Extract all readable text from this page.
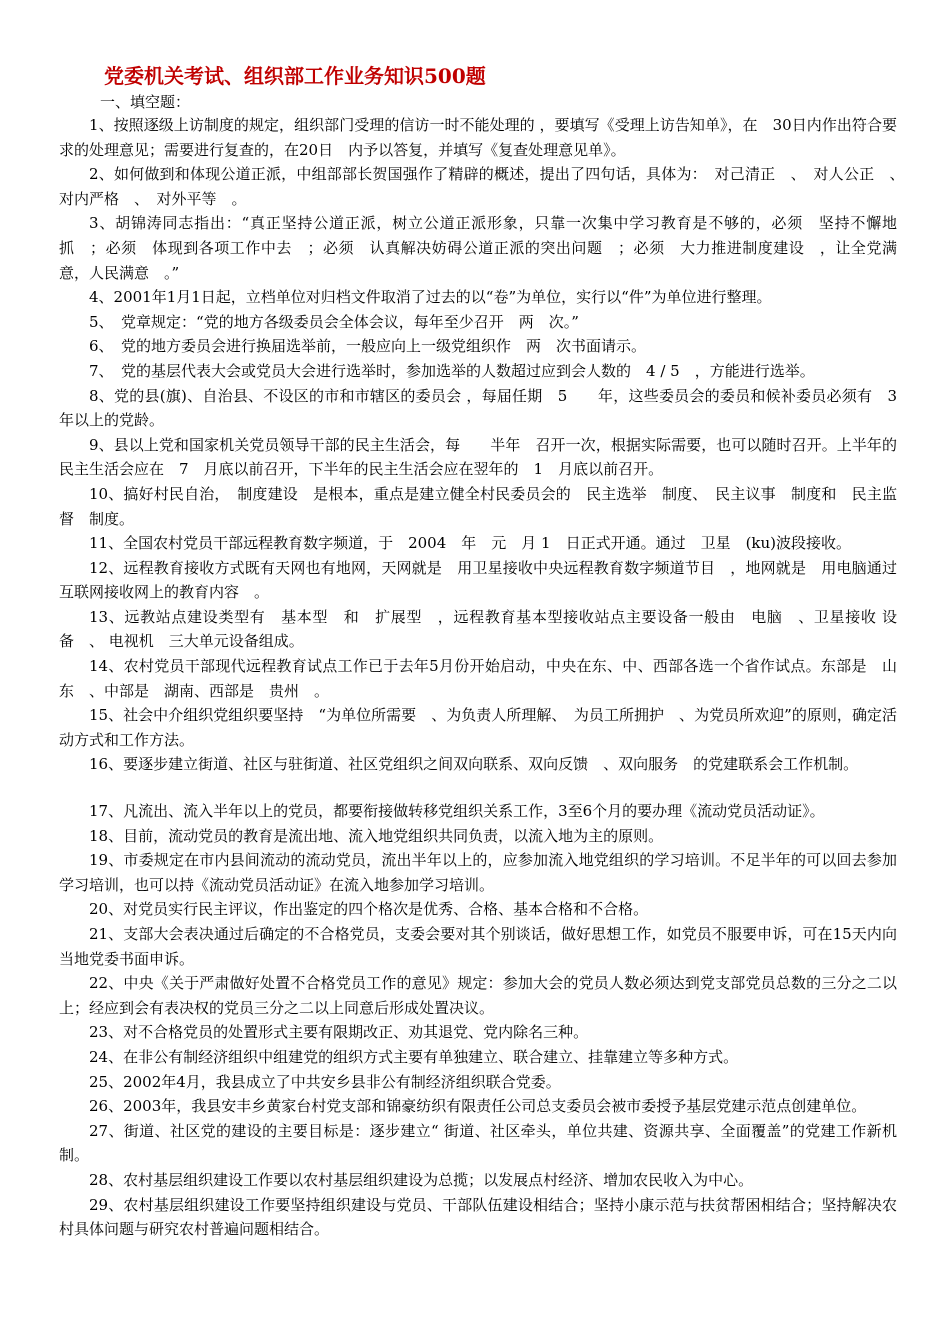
党委机关考试、组织部工作业务知识500题
一、填空题：

1、按照逐级上访制度的规定，组织部门受理的信访一时不能处理的 ，要填写《受理上访告知单》，在　30日内作出符合要求的处理意见；需要进行复查的，在20日　内予以答复，并填写《复查处理意见单》。

2、如何做到和体现公道正派，中组部部长贺国强作了精辟的概述，提出了四句话，具体为：　对己清正　、　对人公正　、　对内严格　、　对外平等　。

3、胡锦涛同志指出：“真正坚持公道正派，树立公道正派形象，只靠一次集中学习教育是不够的，必须　坚持不懈地抓　；必须　体现到各项工作中去　；必须　认真解决妨碍公道正派的突出问题　；必须　大力推进制度建设　，让全党满意，人民满意　。”

4、2001年1月1日起，立档单位对归档文件取消了过去的以“卷”为单位，实行以“件”为单位进行整理。

5、　党章规定：“党的地方各级委员会全体会议，每年至少召开　两　次。”

6、　党的地方委员会进行换届选举前，一般应向上一级党组织作　两　次书面请示。

7、　党的基层代表大会或党员大会进行选举时，参加选举的人数超过应到会人数的　4 / 5　，方能进行选举。

8、党的县(旗)、自治县、不设区的市和市辖区的委员会 ，每届任期　5　　年，这些委员会的委员和候补委员必须有　3　年以上的党龄。

9、县以上党和国家机关党员领导干部的民主生活会，每　　半年　召开一次，根据实际需要，也可以随时召开。上半年的民主生活会应在　7　月底以前召开，下半年的民主生活会应在翌年的　1　月底以前召开。

10、搞好村民自治，　制度建设　是根本，重点是建立健全村民委员会的　民主选举　制度、　民主议事　制度和　民主监督　制度。

11、全国农村党员干部远程教育数字频道，于　2004　年　元　月 1　日正式开通。通过　卫星　(ku)波段接收。

12、远程教育接收方式既有天网也有地网，天网就是　用卫星接收中央远程教育数字频道节目　，地网就是　用电脑通过互联网接收网上的教育内容　。

13、远教站点建设类型有　基本型　和　扩展型　，远程教育基本型接收站点主要设备一般由　电脑　、卫星接收 设 备　、 电视机　三大单元设备组成。

14、农村党员干部现代远程教育试点工作已于去年5月份开始启动，中央在东、中、西部各选一个省作试点。东部是　山东　、中部是　湖南、西部是　贵州　。

15、社会中介组织党组织要坚持　“为单位所需要　、为负责人所理解、　为员工所拥护　、为党员所欢迎”的原则，确定活动方式和工作方法。

16、要逐步建立街道、社区与驻街道、社区党组织之间双向联系、双向反馈　、双向服务　的党建联系会工作机制。

17、凡流出、流入半年以上的党员，都要衔接做转移党组织关系工作，3至6个月的要办理《流动党员活动证》。

18、目前，流动党员的教育是流出地、流入地党组织共同负责，以流入地为主的原则。

19、市委规定在市内县间流动的流动党员，流出半年以上的，应参加流入地党组织的学习培训。不足半年的可以回去参加学习培训，也可以持《流动党员活动证》在流入地参加学习培训。

20、对党员实行民主评议，作出鉴定的四个格次是优秀、合格、基本合格和不合格。

21、支部大会表决通过后确定的不合格党员，支委会要对其个别谈话，做好思想工作，如党员不服要申诉，可在15天内向当地党委书面申诉。

22、中央《关于严肃做好处置不合格党员工作的意见》规定：参加大会的党员人数必须达到党支部党员总数的三分之二以上；经应到会有表决权的党员三分之二以上同意后形成处置决议。

23、对不合格党员的处置形式主要有限期改正、劝其退党、党内除名三种。

24、在非公有制经济组织中组建党的组织方式主要有单独建立、联合建立、挂靠建立等多种方式。

25、2002年4月，我县成立了中共安乡县非公有制经济组织联合党委。

26、2003年，我县安丰乡黄家台村党支部和锦豪纺织有限责任公司总支委员会被市委授予基层党建示范点创建单位。

27、街道、社区党的建设的主要目标是：逐步建立“ 街道、社区牵头，单位共建、资源共享、全面覆盖”的党建工作新机制。

28、农村基层组织建设工作要以农村基层组织建设为总揽；以发展点村经济、增加农民收入为中心。

29、农村基层组织建设工作要坚持组织建设与党员、干部队伍建设相结合；坚持小康示范与扶贫帮困相结合；坚持解决农村具体问题与研究农村普遍问题相结合。
